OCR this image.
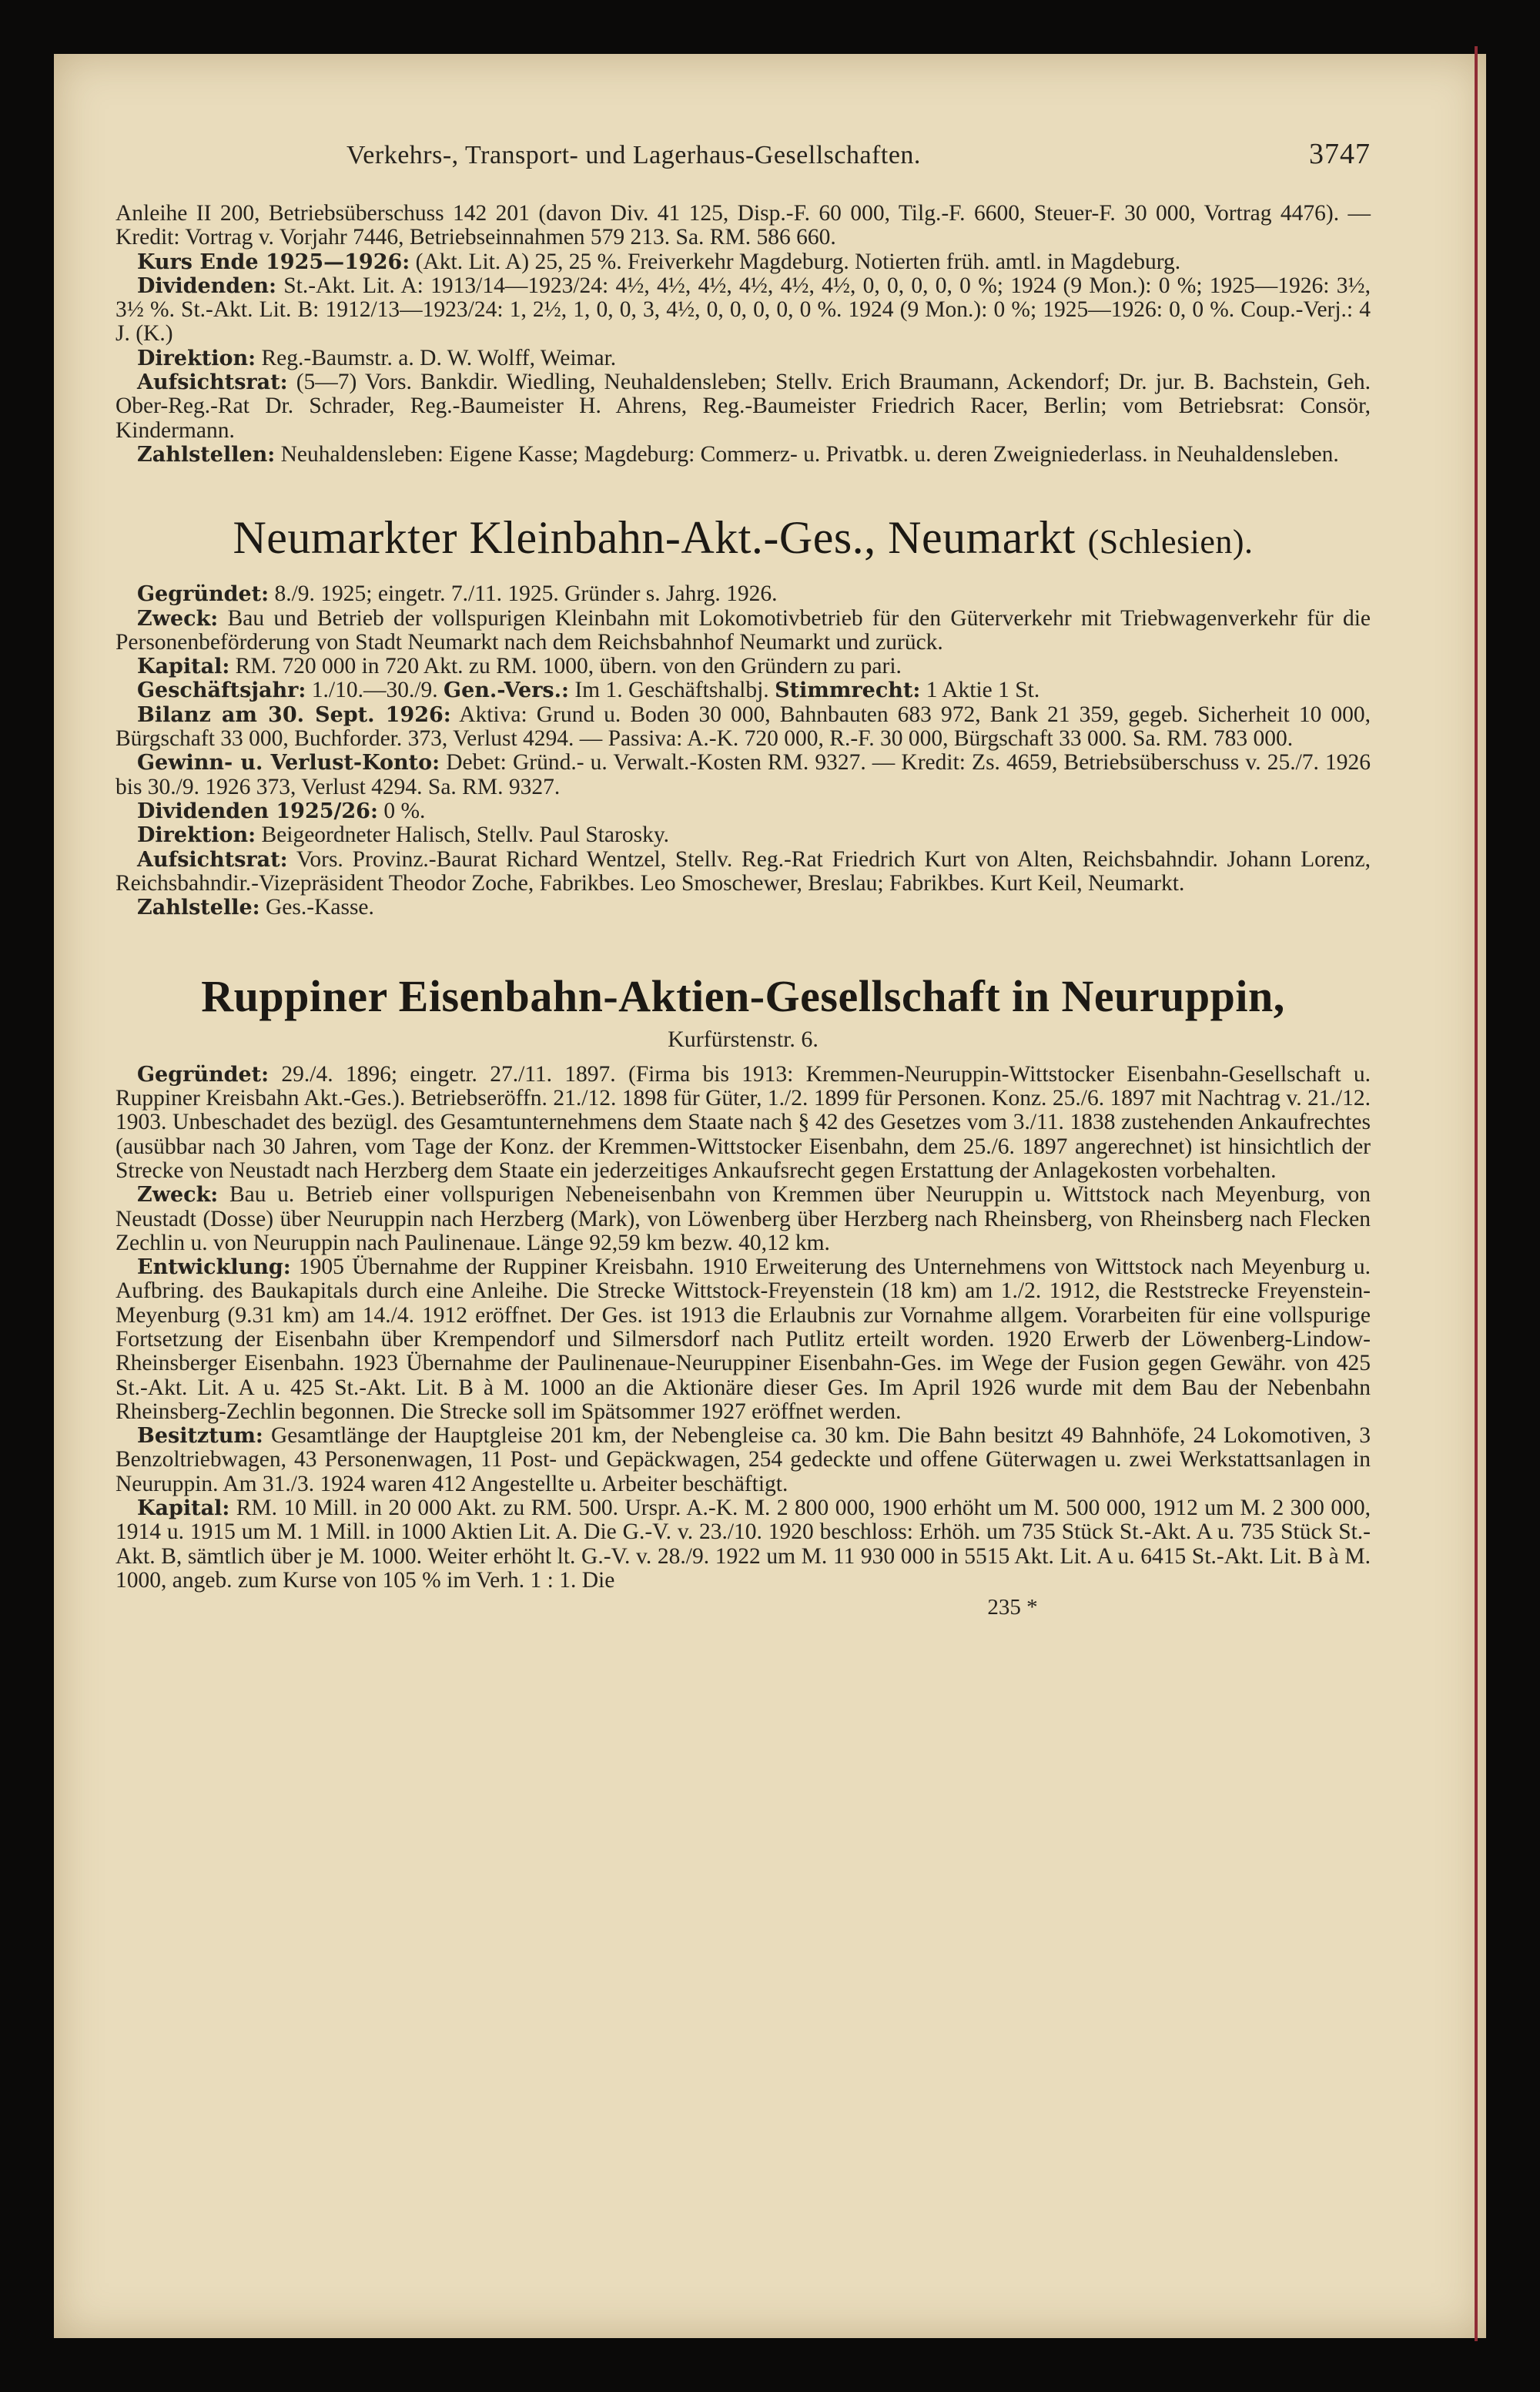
Verkehrs-, Transport- und Lagerhaus-Gesellschaften.	3747

Anleihe II 200, Betriebsüberschuss 142 201 (davon Div. 41 125, Disp.-F. 60 000, Tilg.-F. 6600, Steuer-F. 30 000, Vortrag 4476). — Kredit: Vortrag v. Vorjahr 7446, Betriebseinnahmen 579 213. Sa. RM. 586 660.

Kurs Ende 1925—1926: (Akt. Lit. A) 25, 25 %. Freiverkehr Magdeburg. Notierten früh. amtl. in Magdeburg.

Dividenden: St.-Akt. Lit. A: 1913/14—1923/24: 4½, 4½, 4½, 4½, 4½, 4½, 0, 0, 0, 0, 0 %; 1924 (9 Mon.): 0 %; 1925—1926: 3½, 3½ %. St.-Akt. Lit. B: 1912/13—1923/24: 1, 2½, 1, 0, 0, 3, 4½, 0, 0, 0, 0, 0 %. 1924 (9 Mon.): 0 %; 1925—1926: 0, 0 %. Coup.-Verj.: 4 J. (K.)

Direktion: Reg.-Baumstr. a. D. W. Wolff, Weimar.

Aufsichtsrat: (5—7) Vors. Bankdir. Wiedling, Neuhaldensleben; Stellv. Erich Braumann, Ackendorf; Dr. jur. B. Bachstein, Geh. Ober-Reg.-Rat Dr. Schrader, Reg.-Baumeister H. Ahrens, Reg.-Baumeister Friedrich Racer, Berlin; vom Betriebsrat: Consör, Kindermann.

Zahlstellen: Neuhaldensleben: Eigene Kasse; Magdeburg: Commerz- u. Privatbk. u. deren Zweigniederlass. in Neuhaldensleben.

Neumarkter Kleinbahn-Akt.-Ges., Neumarkt (Schlesien).

Gegründet: 8./9. 1925; eingetr. 7./11. 1925. Gründer s. Jahrg. 1926.

Zweck: Bau und Betrieb der vollspurigen Kleinbahn mit Lokomotivbetrieb für den Güterverkehr mit Triebwagenverkehr für die Personenbeförderung von Stadt Neumarkt nach dem Reichsbahnhof Neumarkt und zurück.

Kapital: RM. 720 000 in 720 Akt. zu RM. 1000, übern. von den Gründern zu pari.

Geschäftsjahr: 1./10.—30./9. Gen.-Vers.: Im 1. Geschäftshalbj. Stimmrecht: 1 Aktie 1 St.

Bilanz am 30. Sept. 1926: Aktiva: Grund u. Boden 30 000, Bahnbauten 683 972, Bank 21 359, gegeb. Sicherheit 10 000, Bürgschaft 33 000, Buchforder. 373, Verlust 4294. — Passiva: A.-K. 720 000, R.-F. 30 000, Bürgschaft 33 000. Sa. RM. 783 000.

Gewinn- u. Verlust-Konto: Debet: Gründ.- u. Verwalt.-Kosten RM. 9327. — Kredit: Zs. 4659, Betriebsüberschuss v. 25./7. 1926 bis 30./9. 1926 373, Verlust 4294. Sa. RM. 9327.

Dividenden 1925/26: 0 %.

Direktion: Beigeordneter Halisch, Stellv. Paul Starosky.

Aufsichtsrat: Vors. Provinz.-Baurat Richard Wentzel, Stellv. Reg.-Rat Friedrich Kurt von Alten, Reichsbahndir. Johann Lorenz, Reichsbahndir.-Vizepräsident Theodor Zoche, Fabrikbes. Leo Smoschewer, Breslau; Fabrikbes. Kurt Keil, Neumarkt.

Zahlstelle: Ges.-Kasse.

Ruppiner Eisenbahn-Aktien-Gesellschaft in Neuruppin,
Kurfürstenstr. 6.

Gegründet: 29./4. 1896; eingetr. 27./11. 1897. (Firma bis 1913: Kremmen-Neuruppin-Wittstocker Eisenbahn-Gesellschaft u. Ruppiner Kreisbahn Akt.-Ges.). Betriebseröffn. 21./12. 1898 für Güter, 1./2. 1899 für Personen. Konz. 25./6. 1897 mit Nachtrag v. 21./12. 1903. Unbeschadet des bezügl. des Gesamtunternehmens dem Staate nach § 42 des Gesetzes vom 3./11. 1838 zustehenden Ankaufrechtes (ausübbar nach 30 Jahren, vom Tage der Konz. der Kremmen-Wittstocker Eisenbahn, dem 25./6. 1897 angerechnet) ist hinsichtlich der Strecke von Neustadt nach Herzberg dem Staate ein jederzeitiges Ankaufsrecht gegen Erstattung der Anlagekosten vorbehalten.

Zweck: Bau u. Betrieb einer vollspurigen Nebeneisenbahn von Kremmen über Neuruppin u. Wittstock nach Meyenburg, von Neustadt (Dosse) über Neuruppin nach Herzberg (Mark), von Löwenberg über Herzberg nach Rheinsberg, von Rheinsberg nach Flecken Zechlin u. von Neuruppin nach Paulinenaue. Länge 92,59 km bezw. 40,12 km.

Entwicklung: 1905 Übernahme der Ruppiner Kreisbahn. 1910 Erweiterung des Unternehmens von Wittstock nach Meyenburg u. Aufbring. des Baukapitals durch eine Anleihe. Die Strecke Wittstock-Freyenstein (18 km) am 1./2. 1912, die Reststrecke Freyenstein-Meyenburg (9.31 km) am 14./4. 1912 eröffnet. Der Ges. ist 1913 die Erlaubnis zur Vornahme allgem. Vorarbeiten für eine vollspurige Fortsetzung der Eisenbahn über Krempendorf und Silmersdorf nach Putlitz erteilt worden. 1920 Erwerb der Löwenberg-Lindow-Rheinsberger Eisenbahn. 1923 Übernahme der Paulinenaue-Neuruppiner Eisenbahn-Ges. im Wege der Fusion gegen Gewähr. von 425 St.-Akt. Lit. A u. 425 St.-Akt. Lit. B à M. 1000 an die Aktionäre dieser Ges. Im April 1926 wurde mit dem Bau der Nebenbahn Rheinsberg-Zechlin begonnen. Die Strecke soll im Spätsommer 1927 eröffnet werden.

Besitztum: Gesamtlänge der Hauptgleise 201 km, der Nebengleise ca. 30 km. Die Bahn besitzt 49 Bahnhöfe, 24 Lokomotiven, 3 Benzoltriebwagen, 43 Personenwagen, 11 Post- und Gepäckwagen, 254 gedeckte und offene Güterwagen u. zwei Werkstattsanlagen in Neuruppin. Am 31./3. 1924 waren 412 Angestellte u. Arbeiter beschäftigt.

Kapital: RM. 10 Mill. in 20 000 Akt. zu RM. 500. Urspr. A.-K. M. 2 800 000, 1900 erhöht um M. 500 000, 1912 um M. 2 300 000, 1914 u. 1915 um M. 1 Mill. in 1000 Aktien Lit. A. Die G.-V. v. 23./10. 1920 beschloss: Erhöh. um 735 Stück St.-Akt. A u. 735 Stück St.-Akt. B, sämtlich über je M. 1000. Weiter erhöht lt. G.-V. v. 28./9. 1922 um M. 11 930 000 in 5515 Akt. Lit. A u. 6415 St.-Akt. Lit. B à M. 1000, angeb. zum Kurse von 105 % im Verh. 1 : 1. Die

235 *
